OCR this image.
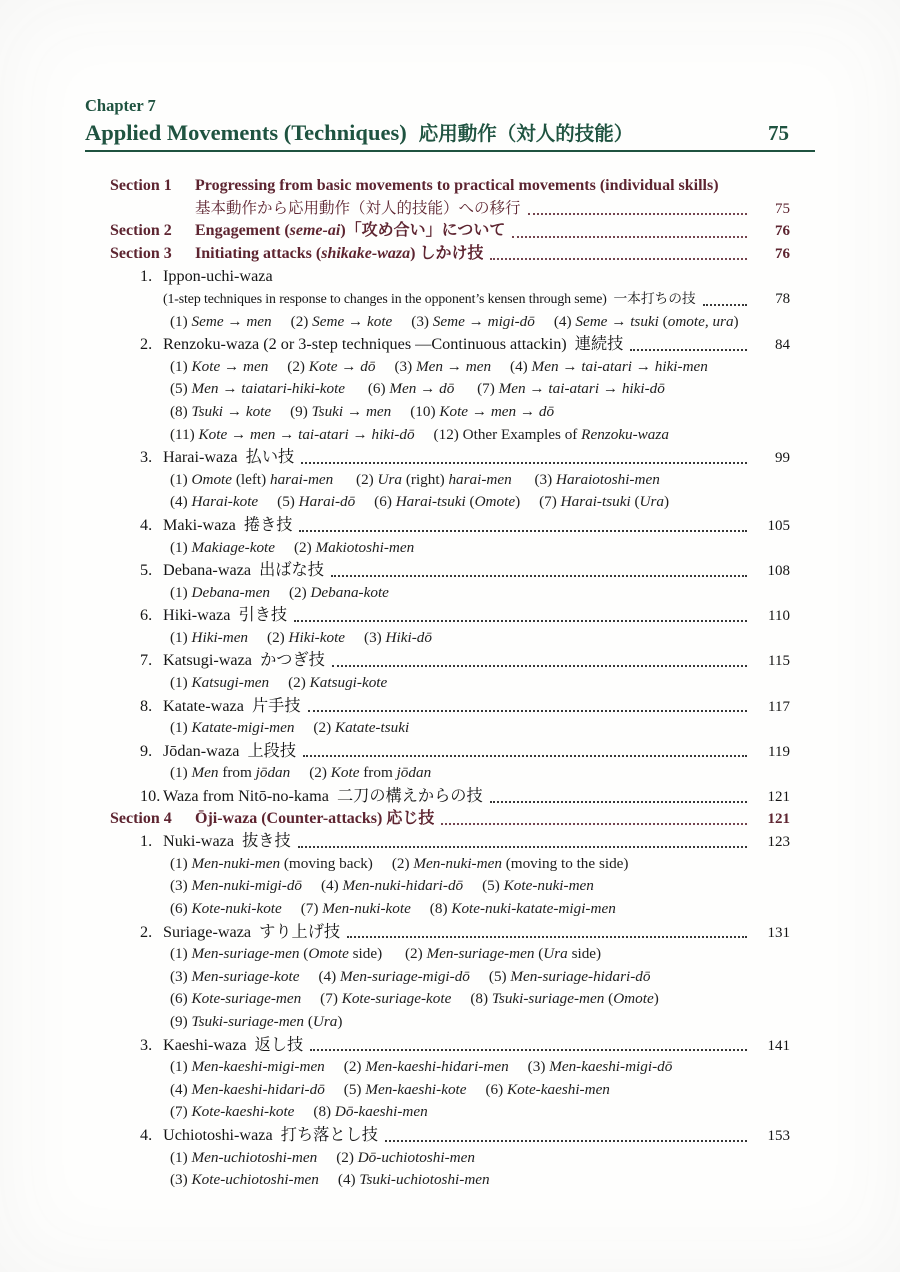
Chapter 7
Applied Movements (Techniques) 応用動作（対人的技能）	75
Section 1	Progressing from basic movements to practical movements (individual skills)
基本動作から応用動作（対人的技能）への移行	75
Section 2	Engagement (seme-ai)「攻め合い」について	76
Section 3	Initiating attacks (shikake-waza) しかけ技	76
1. Ippon-uchi-waza
(1-step techniques in response to changes in the opponent’s kensen through seme)  一本打ちの技	78
(1) Seme → men     (2) Seme → kote     (3) Seme → migi-dō     (4) Seme → tsuki (omote, ura)
2. Renzoku-waza (2 or 3-step techniques —Continuous attackin)  連続技	84
(1) Kote → men     (2) Kote → dō     (3) Men → men     (4) Men → tai-atari → hiki-men
(5) Men → taiatari-hiki-kote      (6) Men → dō      (7) Men → tai-atari → hiki-dō
(8) Tsuki → kote     (9) Tsuki → men     (10) Kote → men → dō
(11) Kote → men → tai-atari → hiki-dō     (12) Other Examples of Renzoku-waza
3. Harai-waza  払い技	99
(1) Omote (left) harai-men      (2) Ura (right) harai-men      (3) Haraiotoshi-men
(4) Harai-kote     (5) Harai-dō     (6) Harai-tsuki (Omote)     (7) Harai-tsuki (Ura)
4. Maki-waza  捲き技	105
(1) Makiage-kote     (2) Makiotoshi-men
5. Debana-waza  出ばな技	108
(1) Debana-men     (2) Debana-kote
6. Hiki-waza  引き技	110
(1) Hiki-men     (2) Hiki-kote     (3) Hiki-dō
7. Katsugi-waza  かつぎ技	115
(1) Katsugi-men     (2) Katsugi-kote
8. Katate-waza  片手技	117
(1) Katate-migi-men     (2) Katate-tsuki
9. Jōdan-waza  上段技	119
(1) Men from jōdan     (2) Kote from jōdan
10. Waza from Nitō-no-kama  二刀の構えからの技	121
Section 4	Ōji-waza (Counter-attacks) 応じ技	121
1. Nuki-waza  抜き技	123
(1) Men-nuki-men (moving back)     (2) Men-nuki-men (moving to the side)
(3) Men-nuki-migi-dō     (4) Men-nuki-hidari-dō     (5) Kote-nuki-men
(6) Kote-nuki-kote     (7) Men-nuki-kote     (8) Kote-nuki-katate-migi-men
2. Suriage-waza  すり上げ技	131
(1) Men-suriage-men (Omote side)      (2) Men-suriage-men (Ura side)
(3) Men-suriage-kote     (4) Men-suriage-migi-dō     (5) Men-suriage-hidari-dō
(6) Kote-suriage-men     (7) Kote-suriage-kote     (8) Tsuki-suriage-men (Omote)
(9) Tsuki-suriage-men (Ura)
3. Kaeshi-waza  返し技	141
(1) Men-kaeshi-migi-men     (2) Men-kaeshi-hidari-men     (3) Men-kaeshi-migi-dō
(4) Men-kaeshi-hidari-dō     (5) Men-kaeshi-kote     (6) Kote-kaeshi-men
(7) Kote-kaeshi-kote     (8) Dō-kaeshi-men
4. Uchiotoshi-waza  打ち落とし技	153
(1) Men-uchiotoshi-men     (2) Dō-uchiotoshi-men
(3) Kote-uchiotoshi-men     (4) Tsuki-uchiotoshi-men
